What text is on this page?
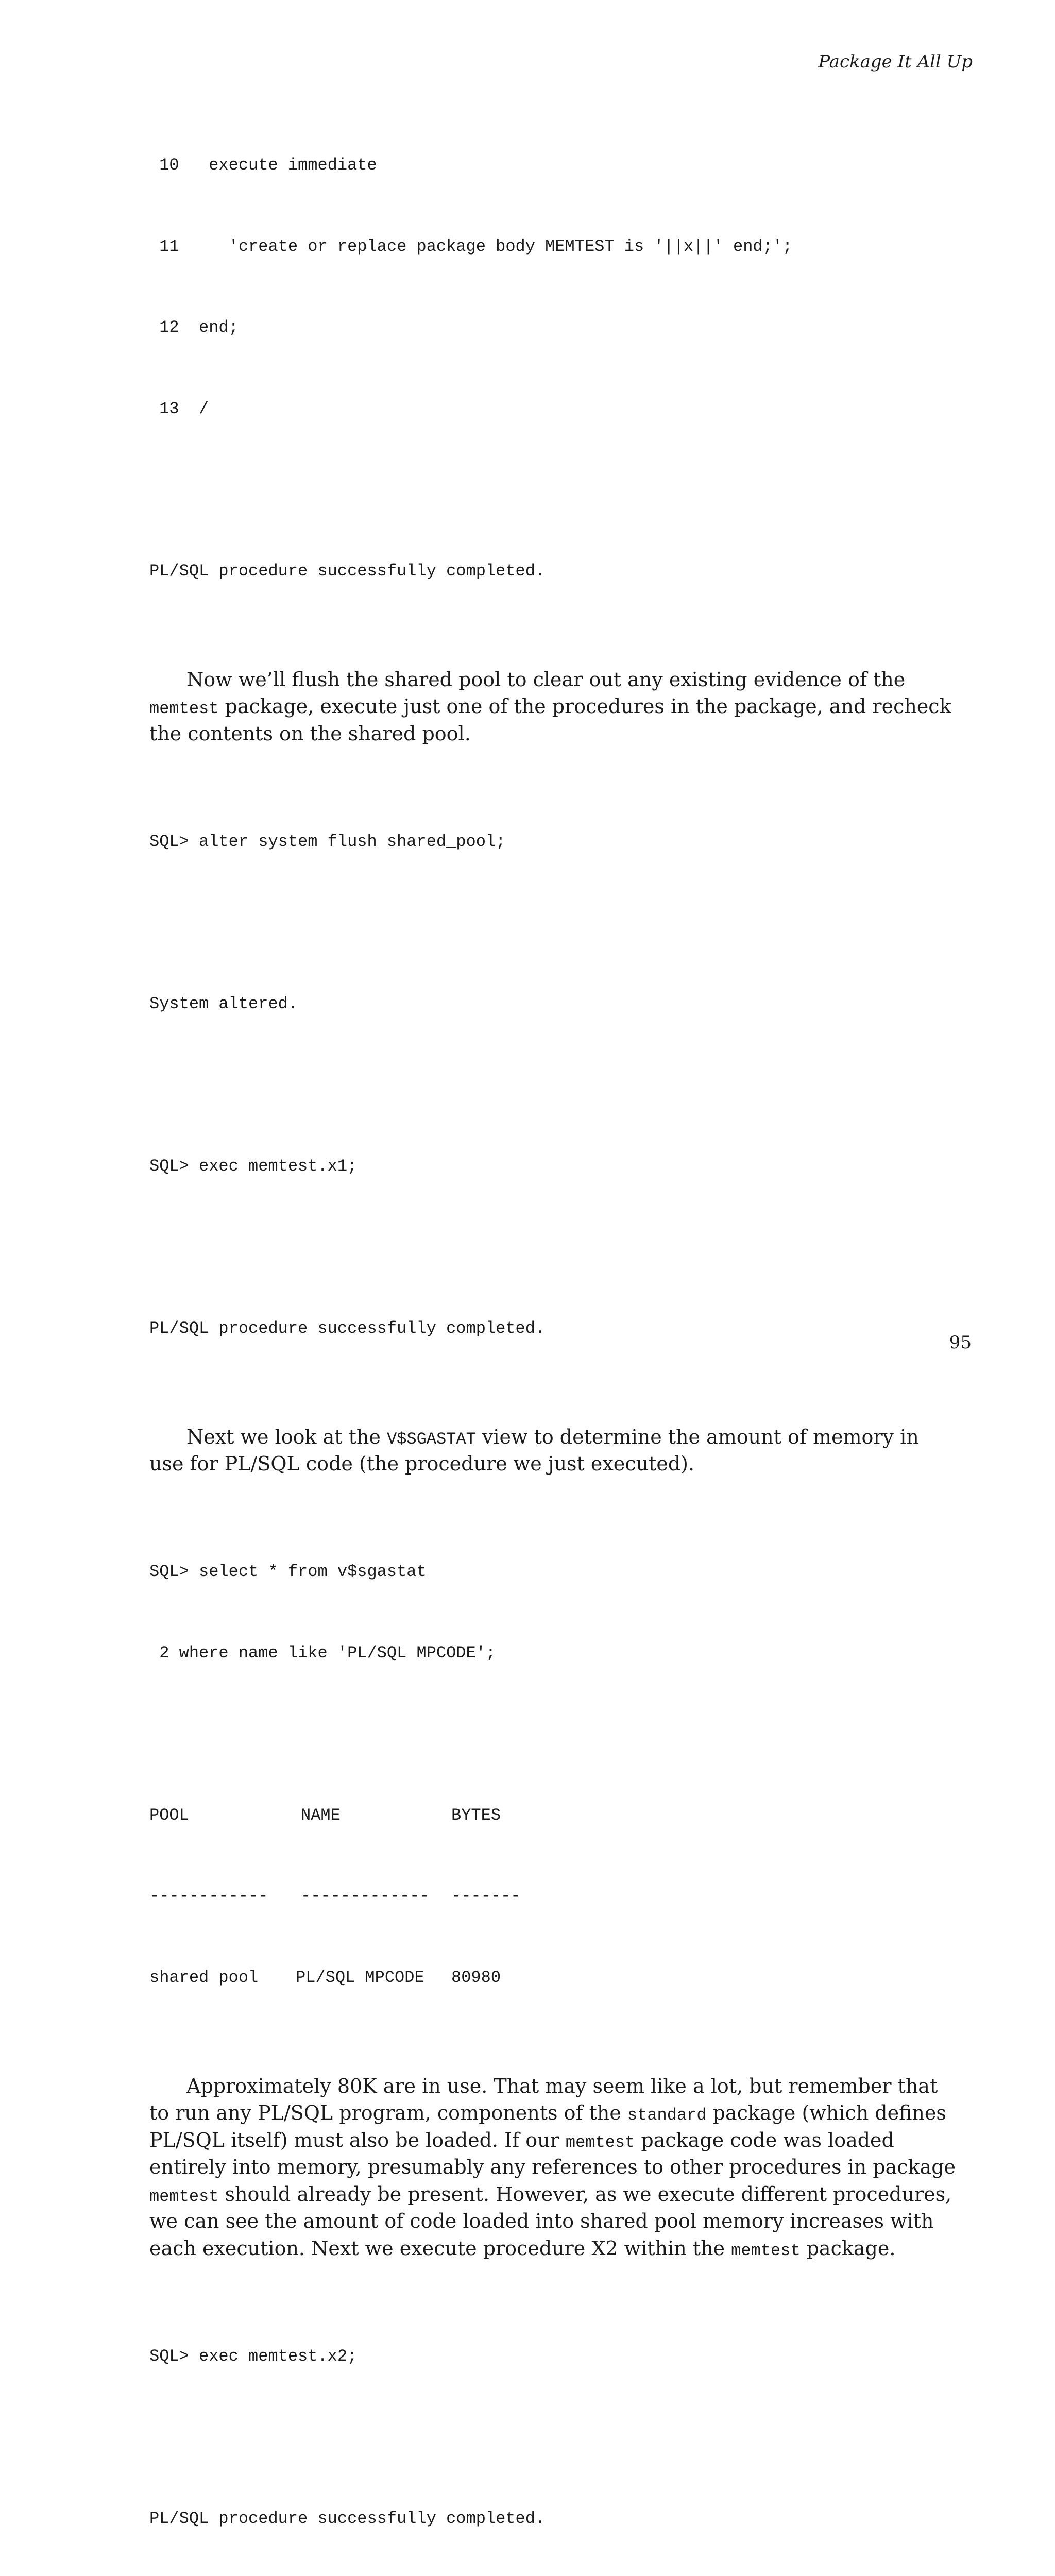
Package It All Up

10   execute immediate

11     'create or replace package body MEMTEST is '||x||' end;';

12  end;

13  /

PL/SQL procedure successfully completed.

Now we’ll flush the shared pool to clear out any existing evidence of the
memtest package, execute just one of the procedures in the package, and recheck
the contents on the shared pool.

SQL> alter system flush shared_pool;

System altered.

SQL> exec memtest.x1;

PL/SQL procedure successfully completed.

Next we look at the V$SGASTAT view to determine the amount of memory in
use for PL/SQL code (the procedure we just executed).

SQL> select * from v$sgastat

2 where name like 'PL/SQL MPCODE';

POOL	NAME	BYTES

------------ ------------- -------

shared pool PL/SQL MPCODE 80980

Approximately 80K are in use. That may seem like a lot, but remember that
to run any PL/SQL program, components of the standard package (which defines
PL/SQL itself) must also be loaded. If our memtest package code was loaded
entirely into memory, presumably any references to other procedures in package
memtest should already be present. However, as we execute different procedures,
we can see the amount of code loaded into shared pool memory increases with
each execution. Next we execute procedure X2 within the memtest package.

SQL> exec memtest.x2;

PL/SQL procedure successfully completed.

95
